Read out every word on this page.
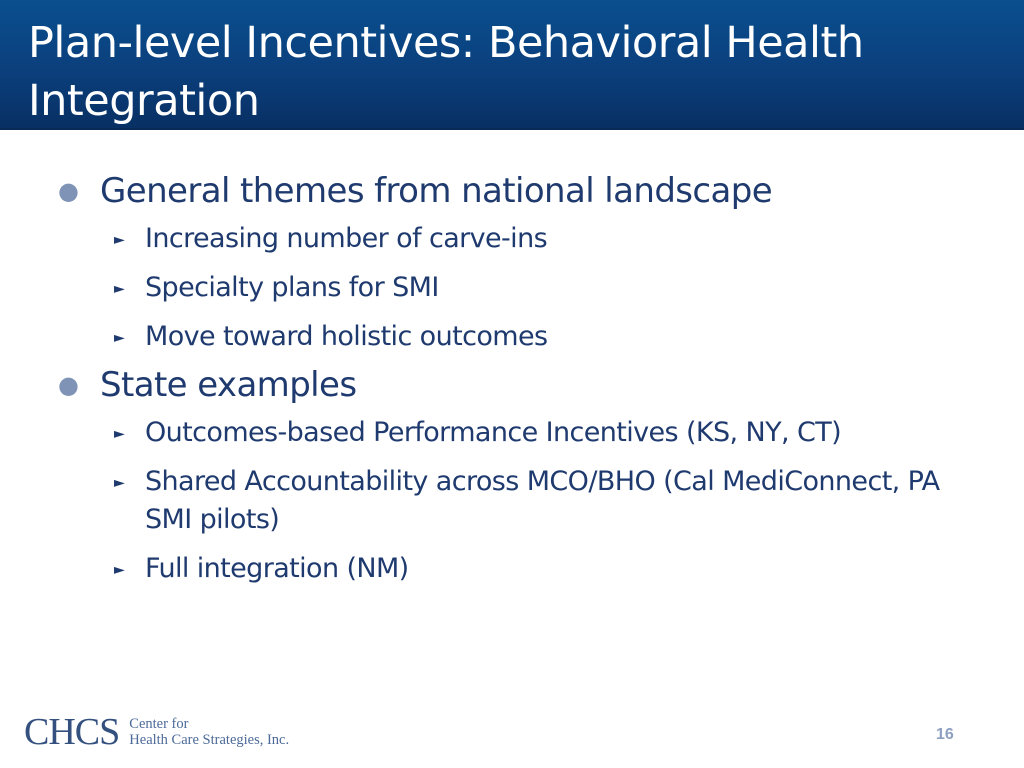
Plan-level Incentives: Behavioral Health Integration
● General themes from national landscape
► Increasing number of carve-ins
► Specialty plans for SMI
► Move toward holistic outcomes
● State examples
► Outcomes-based Performance Incentives (KS, NY, CT)
► Shared Accountability across MCO/BHO (Cal MediConnect, PA SMI pilots)
► Full integration (NM)
CHCS Center for
Health Care Strategies, Inc.	16
